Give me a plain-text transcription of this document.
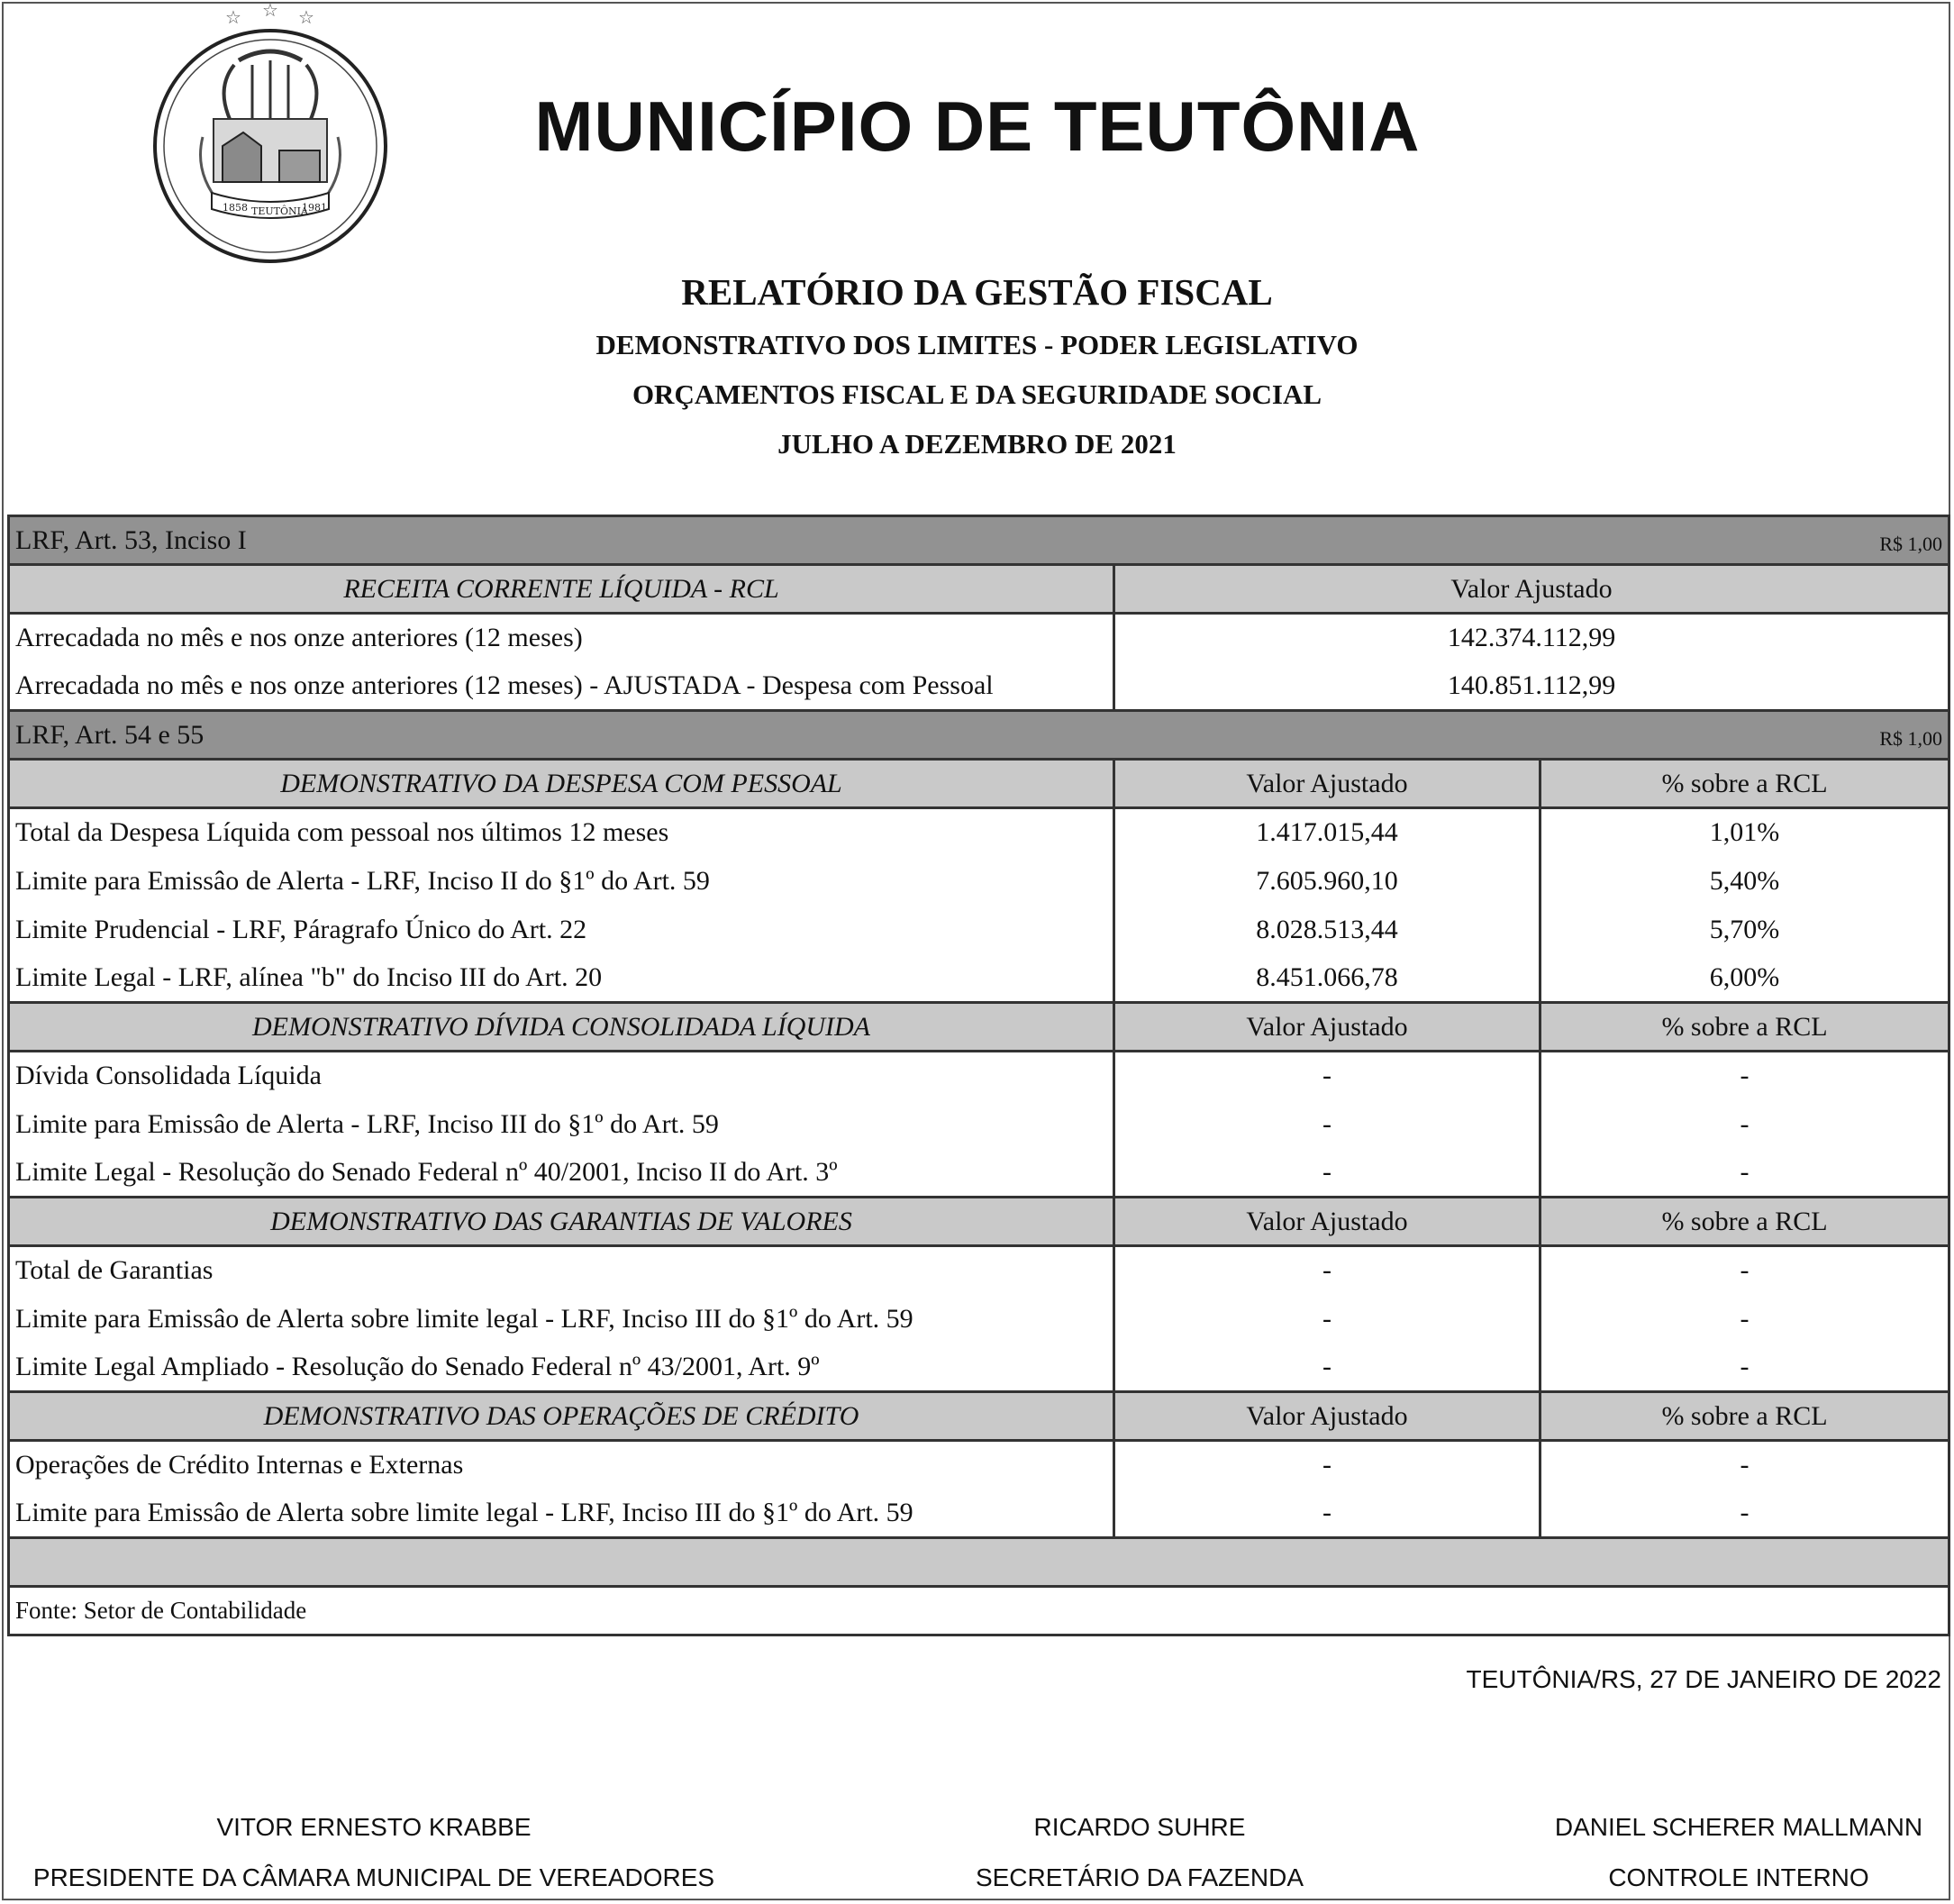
☆ ☆ ☆
1858 TEUTÔNIA
1981
MUNICÍPIO DE TEUTÔNIA
RELATÓRIO DA GESTÃO FISCAL
DEMONSTRATIVO DOS LIMITES - PODER LEGISLATIVO
ORÇAMENTOS FISCAL E DA SEGURIDADE SOCIAL
JULHO A DEZEMBRO DE 2021
LRF, Art. 53, Inciso I R$ 1,00		

RECEITA CORRENTE LÍQUIDA - RCL	Valor Ajustado	
Arrecadada no mês e nos onze anteriores (12 meses)	142.374.112,99	
Arrecadada no mês e nos onze anteriores (12 meses) - AJUSTADA - Despesa com Pessoal	140.851.112,99	
LRF, Art. 54 e 55 R$ 1,00		

DEMONSTRATIVO DA DESPESA COM PESSOAL	Valor Ajustado	% sobre a RCL
Total da Despesa Líquida com pessoal nos últimos 12 meses	1.417.015,44	1,01%
Limite para Emissâo de Alerta - LRF, Inciso II do §1º do Art. 59	7.605.960,10	5,40%
Limite Prudencial - LRF, Páragrafo Único do Art. 22	8.028.513,44	5,70%
Limite Legal - LRF, alínea "b" do Inciso III do Art. 20	8.451.066,78	6,00%
DEMONSTRATIVO DÍVIDA CONSOLIDADA LÍQUIDA	Valor Ajustado	% sobre a RCL
Dívida Consolidada Líquida	-	-
Limite para Emissâo de Alerta - LRF, Inciso III do §1º do Art. 59	-	-
Limite Legal - Resolução do Senado Federal nº 40/2001, Inciso II do Art. 3º	-	-
DEMONSTRATIVO DAS GARANTIAS DE VALORES	Valor Ajustado	% sobre a RCL
Total de Garantias	-	-
Limite para Emissâo de Alerta sobre limite legal - LRF, Inciso III do §1º do Art. 59	-	-
Limite Legal Ampliado - Resolução do Senado Federal nº 43/2001, Art. 9º	-	-
DEMONSTRATIVO DAS OPERAÇÕES DE CRÉDITO	Valor Ajustado	% sobre a RCL
Operações de Crédito Internas e Externas	-	-
Limite para Emissâo de Alerta sobre limite legal - LRF, Inciso III do §1º do Art. 59	-	-

Fonte: Setor de Contabilidade		
TEUTÔNIA/RS, 27 DE JANEIRO DE 2022
VITOR ERNESTO KRABBE
PRESIDENTE DA CÂMARA MUNICIPAL DE VEREADORES
RICARDO SUHRE
SECRETÁRIO DA FAZENDA
DANIEL SCHERER MALLMANN
CONTROLE INTERNO
